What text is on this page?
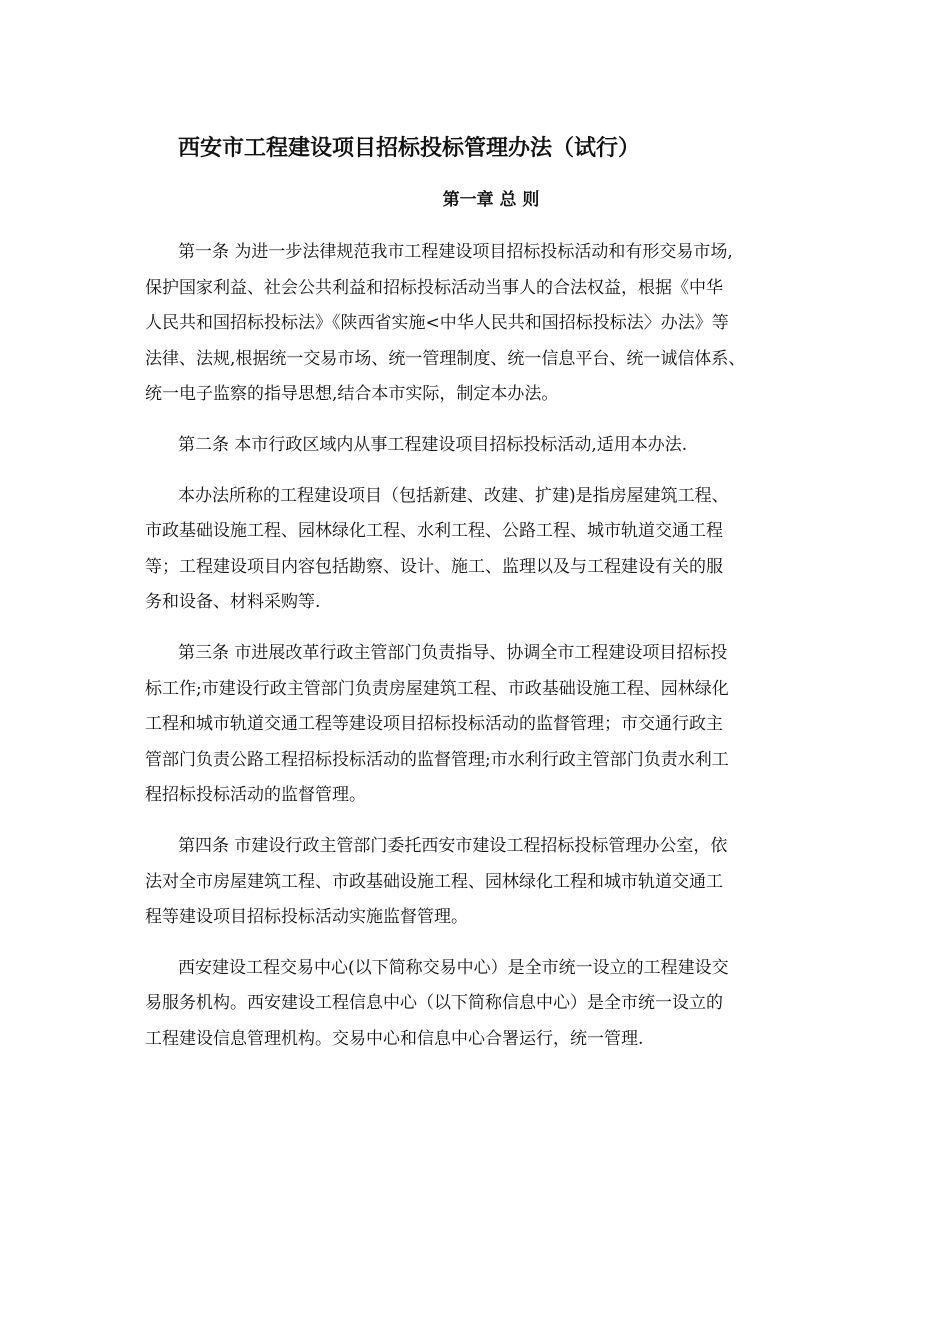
西安市工程建设项目招标投标管理办法（试行）
第一章 总 则

第一条 为进一步法律规范我市工程建设项目招标投标活动和有形交易市场,
保护国家利益、社会公共利益和招标投标活动当事人的合法权益，根据《中华
人民共和国招标投标法》《陕西省实施<中华人民共和国招标投标法〉办法》等
法律、法规,根据统一交易市场、统一管理制度、统一信息平台、统一诚信体系、
统一电子监察的指导思想,结合本市实际，制定本办法。

第二条 本市行政区域内从事工程建设项目招标投标活动,适用本办法.

本办法所称的工程建设项目（包括新建、改建、扩建)是指房屋建筑工程、
市政基础设施工程、园林绿化工程、水利工程、公路工程、城市轨道交通工程
等；工程建设项目内容包括勘察、设计、施工、监理以及与工程建设有关的服
务和设备、材料采购等.

第三条 市进展改革行政主管部门负责指导、协调全市工程建设项目招标投
标工作;市建设行政主管部门负责房屋建筑工程、市政基础设施工程、园林绿化
工程和城市轨道交通工程等建设项目招标投标活动的监督管理；市交通行政主
管部门负责公路工程招标投标活动的监督管理;市水利行政主管部门负责水利工
程招标投标活动的监督管理。

第四条 市建设行政主管部门委托西安市建设工程招标投标管理办公室，依
法对全市房屋建筑工程、市政基础设施工程、园林绿化工程和城市轨道交通工
程等建设项目招标投标活动实施监督管理。

西安建设工程交易中心(以下简称交易中心）是全市统一设立的工程建设交
易服务机构。西安建设工程信息中心（以下简称信息中心）是全市统一设立的
工程建设信息管理机构。交易中心和信息中心合署运行，统一管理.
